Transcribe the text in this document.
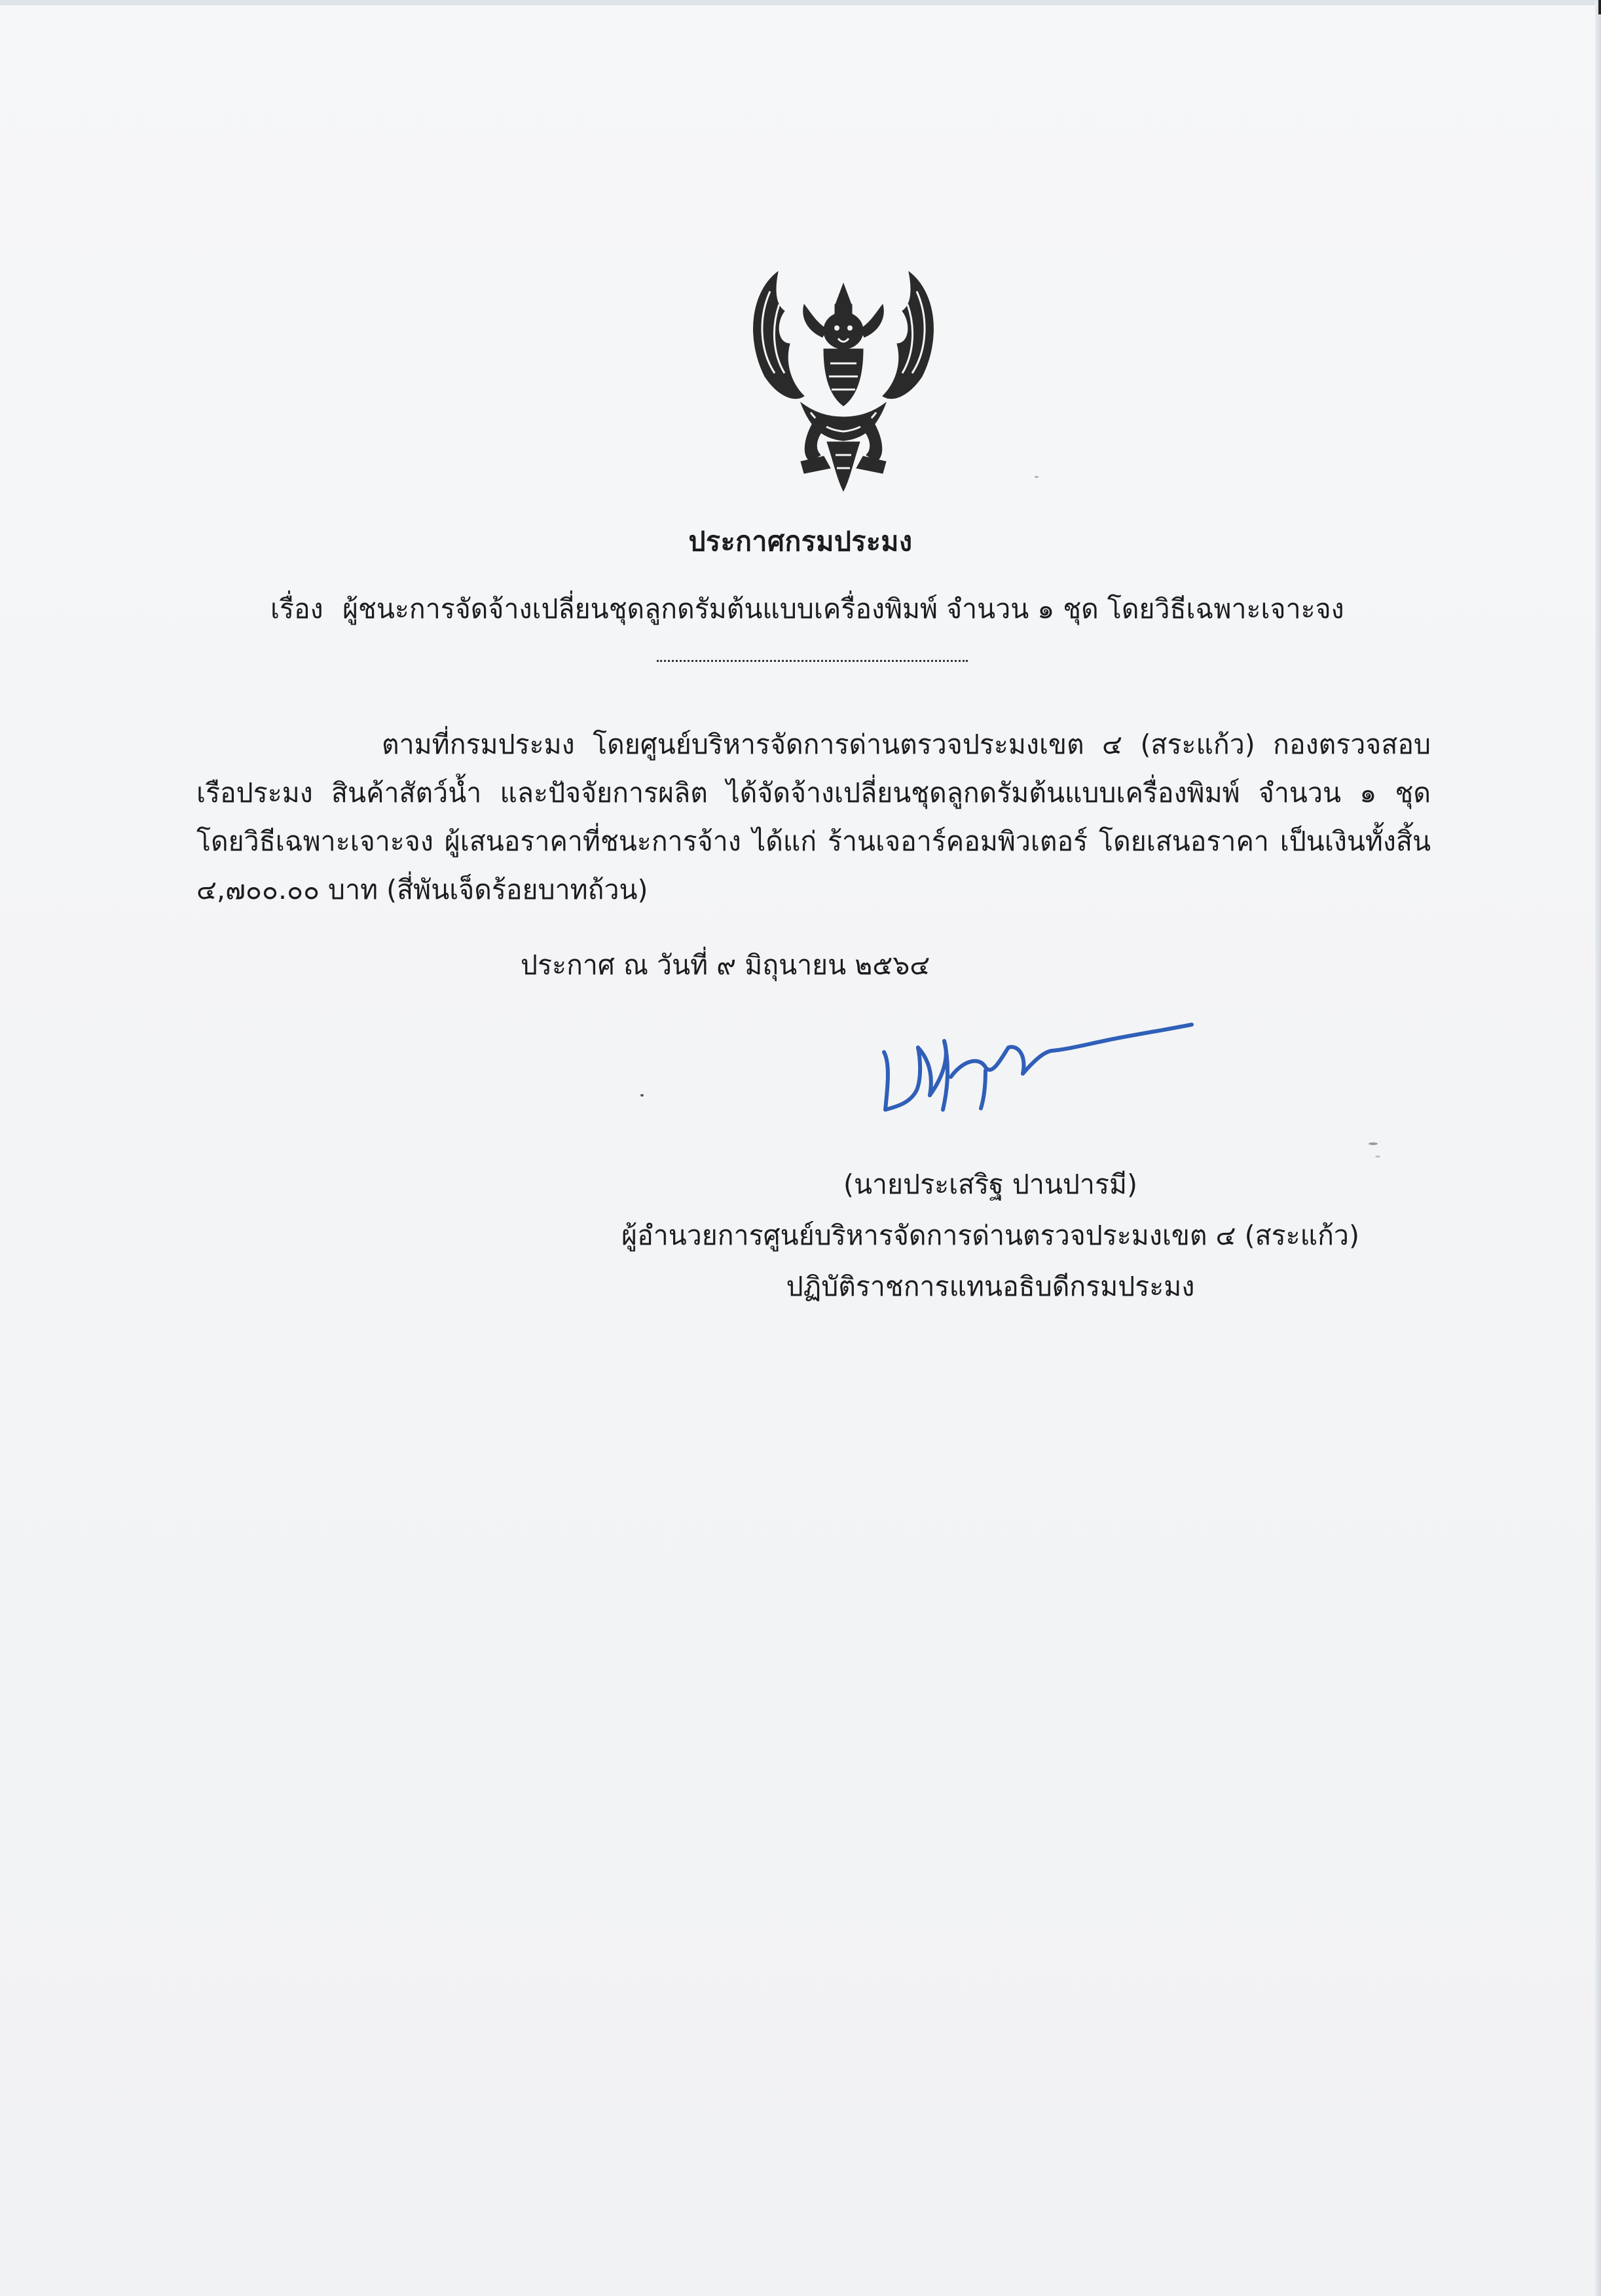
ประกาศกรมประมง
เรื่อง ผู้ชนะการจัดจ้างเปลี่ยนชุดลูกดรัมต้นแบบเครื่องพิมพ์ จำนวน ๑ ชุด โดยวิธีเฉพาะเจาะจง
ตามที่กรมประมง โดยศูนย์บริหารจัดการด่านตรวจประมงเขต ๔ (สระแก้ว) กองตรวจสอบ
เรือประมง สินค้าสัตว์น้ำ และปัจจัยการผลิต ได้จัดจ้างเปลี่ยนชุดลูกดรัมต้นแบบเครื่องพิมพ์ จำนวน ๑ ชุด
โดยวิธีเฉพาะเจาะจง ผู้เสนอราคาที่ชนะการจ้าง ได้แก่ ร้านเจอาร์คอมพิวเตอร์ โดยเสนอราคา เป็นเงินทั้งสิ้น
๔,๗๐๐.๐๐ บาท (สี่พันเจ็ดร้อยบาทถ้วน)
ประกาศ ณ วันที่ ๙ มิถุนายน ๒๕๖๔
(นายประเสริฐ ปานปารมี)
ผู้อำนวยการศูนย์บริหารจัดการด่านตรวจประมงเขต ๔ (สระแก้ว)
ปฏิบัติราชการแทนอธิบดีกรมประมง
